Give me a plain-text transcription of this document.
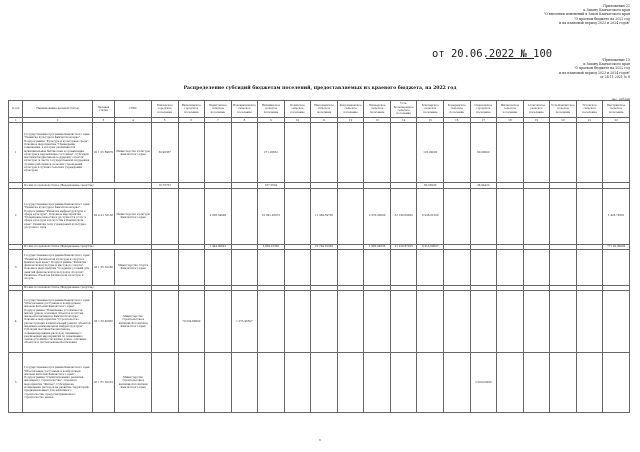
Приложение 21
к Закону Камчатского края
"О внесении изменений в Закон Камчатского края
"О краевом бюджете на 2022 год
и на плановый период 2023 и 2024 годов"
от 20.06.2022 № 100	"Приложение 15
к Закону Камчатского края
"О краевом бюджете на 2022 год
и на плановый период 2023 и 2024 годов"
от 24.11.2021 № 8
Распределение субсидий бюджетам поселений, предоставляемых из краевого бюджета, на 2022 год
тыс. рублей
№ п/п	Наименование целевой статьи	Целевая статья	ГРБС	Елизовское городское поселение	Вилючинское городское поселение	Паратунское сельское поселение	Новоавачинское сельское поселение	Начикинское сельское поселение	Корякское сельское поселение	Николаевское сельское поселение	Раздольненское сельское поселение	Пионерское сельское поселение	Усть-Большерецкое сельское поселение	Ключевское сельское поселение	Козыревское сельское поселение	Озерновское городское поселение	Мильковское сельское поселение	Атласовское сельское поселение	Усть-Камчатское сельское поселение	Эссовское сельское поселение	Быстринское сельское поселение
1	2	3	4	5	6	7	8	9	10	11	12	13	14	15	16	17	18	19	20	21	22
1	Государственная программа Камчатского края "Развитие культуры в Камчатском крае". Подпрограмма "Культура и культурная среда". Основное мероприятие "Приведение помещений, в которых размещаются муниципальные библиотеки и организации культуры в надлежащее состояние". Субсидии местным бюджетам на поддержку отрасли культуры (в части государственной поддержки лучших работников сельских учреждений культуры и лучших сельских учреждений культуры)	02 1 05 R4670	Министерство культуры Камчатского края	30,90367				271,26652						125,00000		60,00000					
	Из них по целевой статье (Федеральные средства)			18,76707				187,5604						60,00000		46,94422					
2	Государственная программа Камчатского края "Развитие культуры в Камчатском крае". Подпрограмма "Развитие инфраструктуры в сфере культуры". Основное мероприятие "Повышение качества и доступности услуг в сфере культуры и искусства в Камчатском крае". Развитие сети учреждений культурно-досугового типа	02 4 A1 55130	Министерство культуры Камчатского края			2 083,34900		10 891,02972		11 384,59765		2 970,00000	32 190,69000	8 938,01590							1 423,79381
	Из них по целевой статье (Федеральные средства)					1 444,00691		5 669,01385		10 704,61062		1 960,99336	21 018,87025	8 413,00097							771 92,00000
3	Государственная программа Камчатского края "Развитие физической культуры и спорта в Камчатском крае". Подпрограмма "Развитие физической культуры и массового спорта". Основное мероприятие "Создание условий для занятий физической культурой и спортом". Развитие объектов физической культуры и спорта	03 1 P5 52280	Министерство спорта Камчатского края																		
	Из них по целевой статье (Федеральные средства)																				
4	Государственная программа Камчатского края "Обеспечение доступным и комфортным жильём жителей Камчатского края". Подпрограмма "Повышение устойчивости жилых домов, основных объектов и систем жизнеобеспечения в Камчатском крае". Основное мероприятие "Строительство, реконструкция и капитальный ремонт объектов жилищно-коммунальной инфраструктуры". Субсидии местным бюджетам на софинансирование расходов, связанных с реализацией мероприятий по повышению сейсмоустойчивости жилых домов, основных объектов и систем жизнеобеспечения	05 1 03 40050	Министерство строительства и жилищной политики Камчатского края		79 034,69900		1 255,46507														
5	Государственная программа Камчатского края "Обеспечение доступным и комфортным жильём жителей Камчатского края". Подпрограмма "Стимулирование развития жилищного строительства". Основное мероприятие "Жильё". Субсидии на возмещение расходов на развитие территорий, предназначенных для жилищного строительства, предусматривающего строительство жилья	05 1 F1 50210	Министерство строительства и жилищной политики Камчатского края													2 500,00000					
6
